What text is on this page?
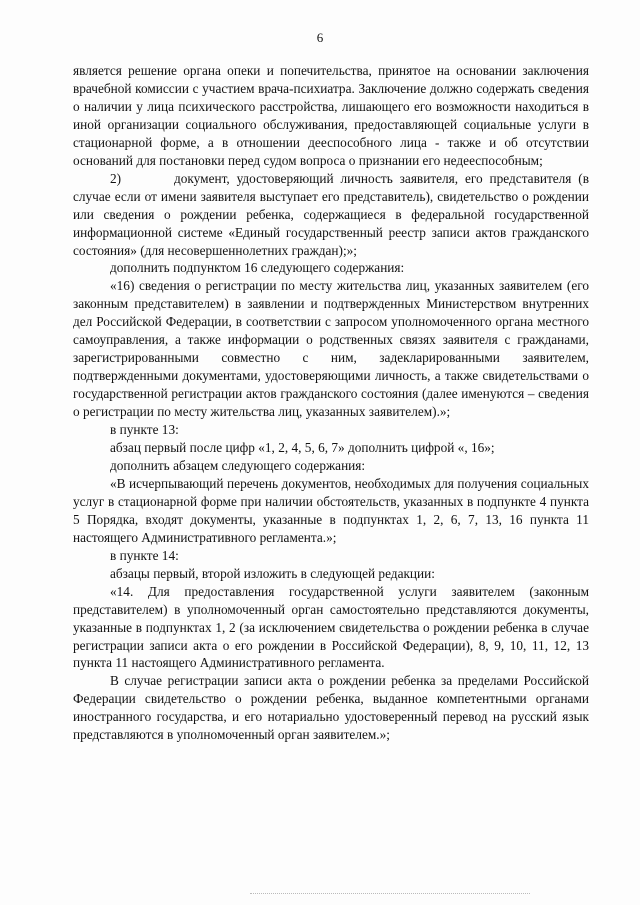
6

является решение органа опеки и попечительства, принятое на основании заключения врачебной комиссии с участием врача-психиатра. Заключение должно содержать сведения о наличии у лица психического расстройства, лишающего его возможности находиться в иной организации социального обслуживания, предоставляющей социальные услуги в стационарной форме, а в отношении дееспособного лица - также и об отсутствии оснований для постановки перед судом вопроса о признании его недееспособным;

2)	документ, удостоверяющий личность заявителя, его представителя (в случае если от имени заявителя выступает его представитель), свидетельство о рождении или сведения о рождении ребенка, содержащиеся в федеральной государственной информационной системе «Единый государственный реестр записи актов гражданского состояния» (для несовершеннолетних граждан);»;

дополнить подпунктом 16 следующего содержания:

«16) сведения о регистрации по месту жительства лиц, указанных заявителем (его законным представителем) в заявлении и подтвержденных Министерством внутренних дел Российской Федерации, в соответствии с запросом уполномоченного органа местного самоуправления, а также информации о родственных связях заявителя с гражданами, зарегистрированными совместно с ним, задекларированными заявителем, подтвержденными документами, удостоверяющими личность, а также свидетельствами о государственной регистрации актов гражданского состояния (далее именуются – сведения о регистрации по месту жительства лиц, указанных заявителем).»;

в пункте 13:

абзац первый после цифр «1, 2, 4, 5, 6, 7» дополнить цифрой «, 16»;

дополнить абзацем следующего содержания:

«В исчерпывающий перечень документов, необходимых для получения социальных услуг в стационарной форме при наличии обстоятельств, указанных в подпункте 4 пункта 5 Порядка, входят документы, указанные в подпунктах 1, 2, 6, 7, 13, 16 пункта 11 настоящего Административного регламента.»;

в пункте 14:

абзацы первый, второй изложить в следующей редакции:

«14. Для предоставления государственной услуги заявителем (законным представителем) в уполномоченный орган самостоятельно представляются документы, указанные в подпунктах 1, 2 (за исключением свидетельства о рождении ребенка в случае регистрации записи акта о его рождении в Российской Федерации), 8, 9, 10, 11, 12, 13 пункта 11 настоящего Административного регламента.

В случае регистрации записи акта о рождении ребенка за пределами Российской Федерации свидетельство о рождении ребенка, выданное компетентными органами иностранного государства, и его нотариально удостоверенный перевод на русский язык представляются в уполномоченный орган заявителем.»;
